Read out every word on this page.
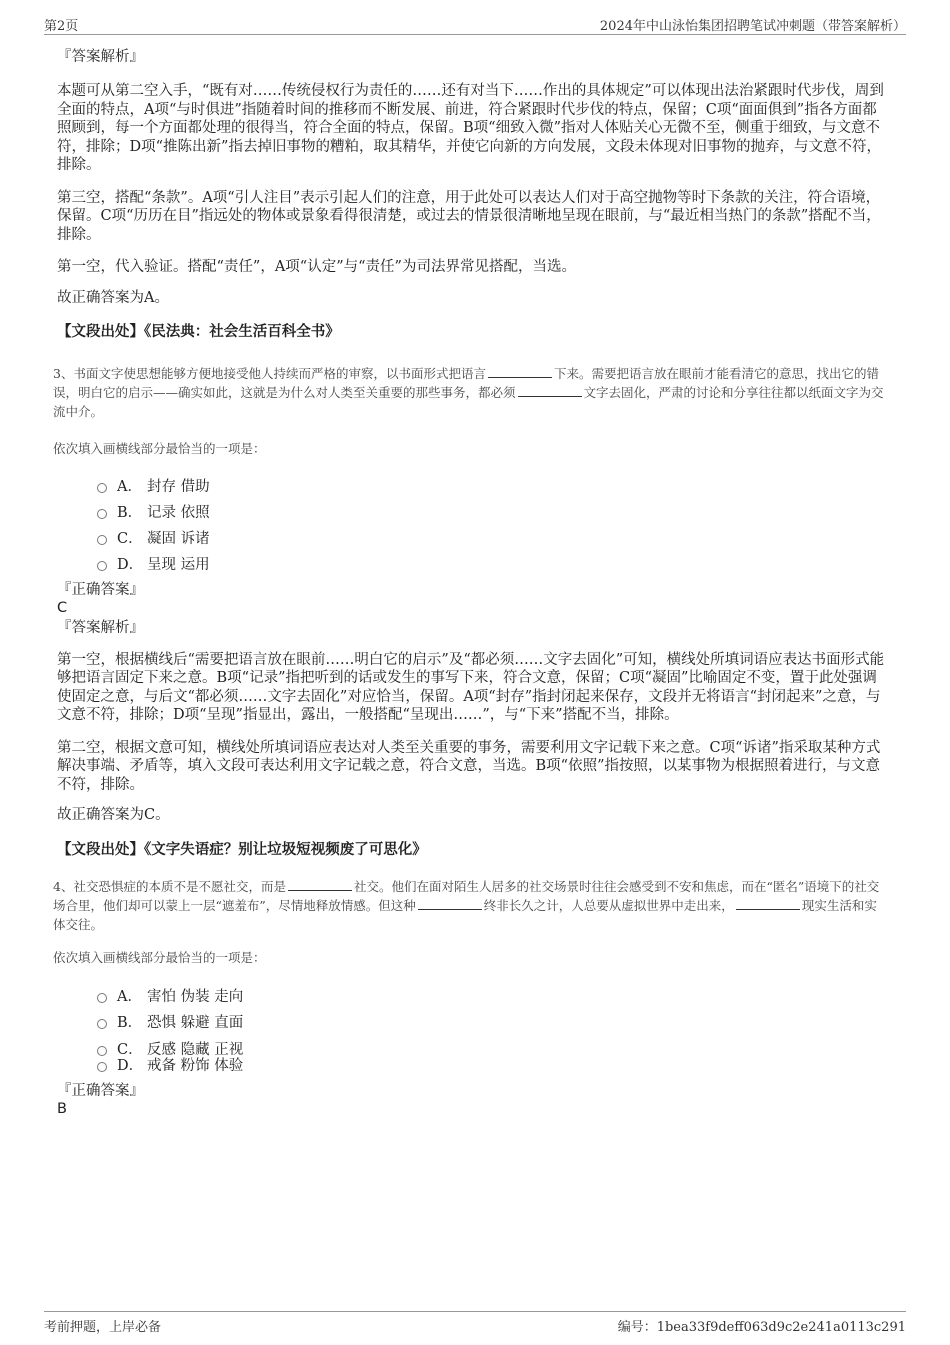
第2页	2024年中山泳怡集团招聘笔试冲刺题（带答案解析）

『答案解析』

本题可从第二空入手，“既有对……传统侵权行为责任的……还有对当下……作出的具体规定”可以体现出法治紧跟时代步伐，周到全面的特点，A项“与时俱进”指随着时间的推移而不断发展、前进，符合紧跟时代步伐的特点，保留；C项“面面俱到”指各方面都照顾到，每一个方面都处理的很得当，符合全面的特点，保留。B项“细致入微”指对人体贴关心无微不至，侧重于细致，与文意不符，排除；D项“推陈出新”指去掉旧事物的糟粕，取其精华，并使它向新的方向发展，文段未体现对旧事物的抛弃，与文意不符，排除。

第三空，搭配“条款”。A项“引人注目”表示引起人们的注意，用于此处可以表达人们对于高空抛物等时下条款的关注，符合语境，保留。C项“历历在目”指远处的物体或景象看得很清楚，或过去的情景很清晰地呈现在眼前，与“最近相当热门的条款”搭配不当，排除。

第一空，代入验证。搭配“责任”，A项“认定”与“责任”为司法界常见搭配，当选。

故正确答案为A。

【文段出处】《民法典：社会生活百科全书》

3、书面文字使思想能够方便地接受他人持续而严格的审察，以书面形式把语言	下来。需要把语言放在眼前才能看清它的意思，找出它的错误，明白它的启示——确实如此，这就是为什么对人类至关重要的那些事务，都必须	文字去固化，严肃的讨论和分享往往都以纸面文字为交流中介。

依次填入画横线部分最恰当的一项是：

A． 封存 借助
B． 记录 依照
C． 凝固 诉诸
D． 呈现 运用

『正确答案』

C

『答案解析』

第一空，根据横线后“需要把语言放在眼前……明白它的启示”及“都必须……文字去固化”可知，横线处所填词语应表达书面形式能够把语言固定下来之意。B项“记录”指把听到的话或发生的事写下来，符合文意，保留；C项“凝固”比喻固定不变，置于此处强调使固定之意，与后文“都必须……文字去固化”对应恰当，保留。A项“封存”指封闭起来保存，文段并无将语言“封闭起来”之意，与文意不符，排除；D项“呈现”指显出，露出，一般搭配“呈现出……”，与“下来”搭配不当，排除。

第二空，根据文意可知，横线处所填词语应表达对人类至关重要的事务，需要利用文字记载下来之意。C项“诉诸”指采取某种方式解决事端、矛盾等，填入文段可表达利用文字记载之意，符合文意，当选。B项“依照”指按照，以某事物为根据照着进行，与文意不符，排除。

故正确答案为C。

【文段出处】《文字失语症？别让垃圾短视频废了可思化》

4、社交恐惧症的本质不是不愿社交，而是	社交。他们在面对陌生人居多的社交场景时往往会感受到不安和焦虑，而在“匿名”语境下的社交场合里，他们却可以蒙上一层“遮羞布”，尽情地释放情感。但这种	终非长久之计，人总要从虚拟世界中走出来，	现实生活和实体交往。

依次填入画横线部分最恰当的一项是：

A． 害怕 伪装 走向
B． 恐惧 躲避 直面
C． 反感 隐藏 正视
D． 戒备 粉饰 体验

『正确答案』

B

考前押题，上岸必备	编号：1bea33f9deff063d9c2e241a0113c291
